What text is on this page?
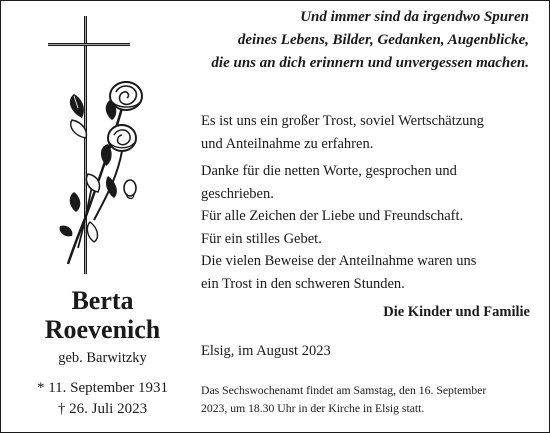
Und immer sind da irgendwo Spuren
deines Lebens, Bilder, Gedanken, Augenblicke,
die uns an dich erinnern und unvergessen machen.
Es ist uns ein großer Trost, soviel Wertschätzung
und Anteilnahme zu erfahren.
Danke für die netten Worte, gesprochen und
geschrieben.
Für alle Zeichen der Liebe und Freundschaft.
Für ein stilles Gebet.
Die vielen Beweise der Anteilnahme waren uns
ein Trost in den schweren Stunden.
Die Kinder und Familie
Elsig, im August 2023
Das Sechswochenamt findet am Samstag, den 16. September
2023, um 18.30 Uhr in der Kirche in Elsig statt.
Berta
Roevenich
geb. Barwitzky
* 11. September 1931
† 26. Juli 2023
